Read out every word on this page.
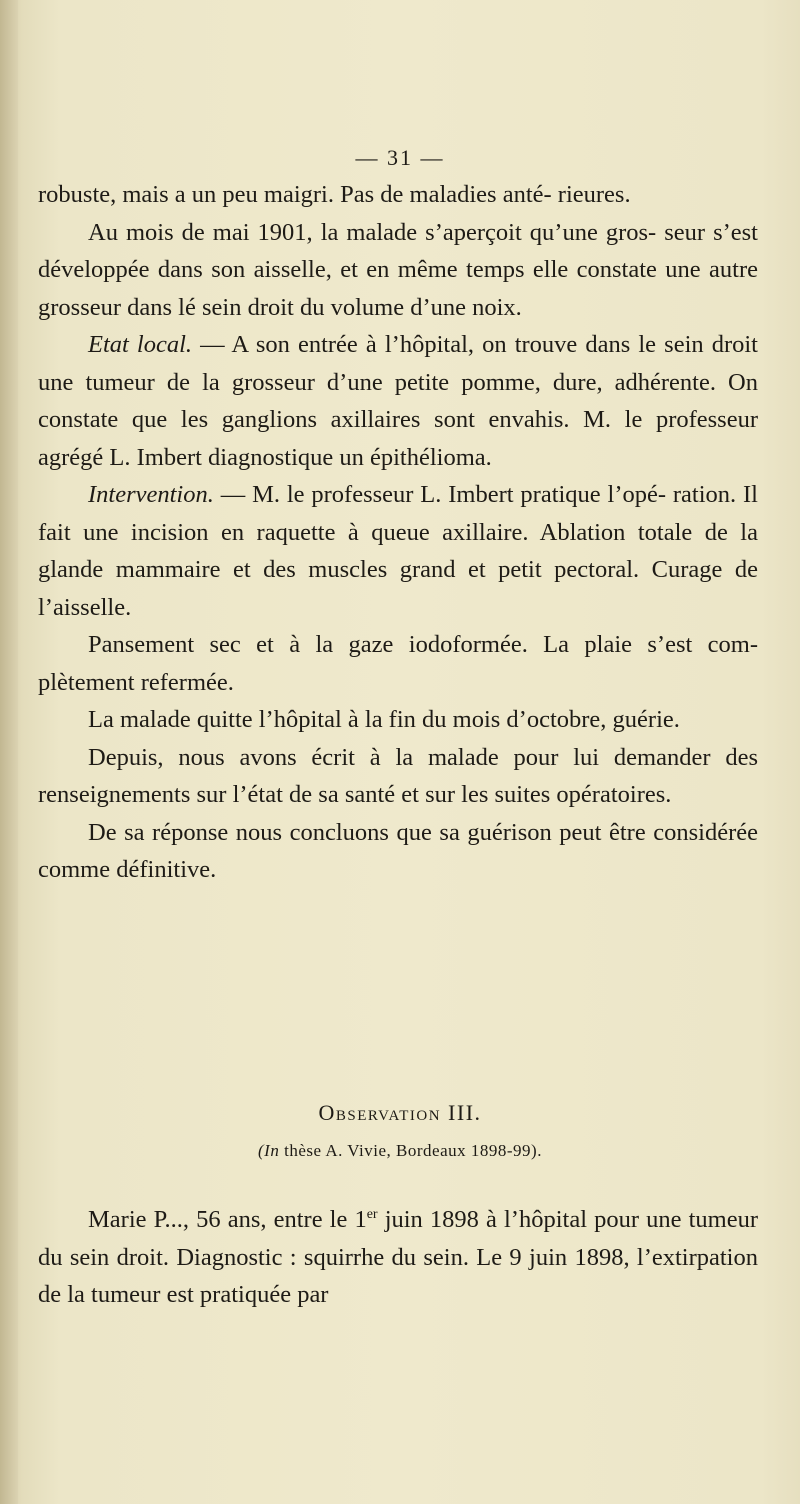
— 31 —

robuste, mais a un peu maigri. Pas de maladies anté- rieures.

Au mois de mai 1901, la malade s’aperçoit qu’une gros- seur s’est développée dans son aisselle, et en même temps elle constate une autre grosseur dans lé sein droit du volume d’une noix.

Etat local. — A son entrée à l’hôpital, on trouve dans le sein droit une tumeur de la grosseur d’une petite pomme, dure, adhérente. On constate que les ganglions axillaires sont envahis. M. le professeur agrégé L. Imbert diagnostique un épithélioma.

Intervention. — M. le professeur L. Imbert pratique l’opé- ration. Il fait une incision en raquette à queue axillaire. Ablation totale de la glande mammaire et des muscles grand et petit pectoral. Curage de l’aisselle.

Pansement sec et à la gaze iodoformée. La plaie s’est com- plètement refermée.

La malade quitte l’hôpital à la fin du mois d’octobre, guérie.

Depuis, nous avons écrit à la malade pour lui demander des renseignements sur l’état de sa santé et sur les suites opératoires.

De sa réponse nous concluons que sa guérison peut être considérée comme définitive.

Observation III.
(In thèse A. Vivie, Bordeaux 1898-99).

Marie P..., 56 ans, entre le 1er juin 1898 à l’hôpital pour une tumeur du sein droit. Diagnostic : squirrhe du sein. Le 9 juin 1898, l’extirpation de la tumeur est pratiquée par
